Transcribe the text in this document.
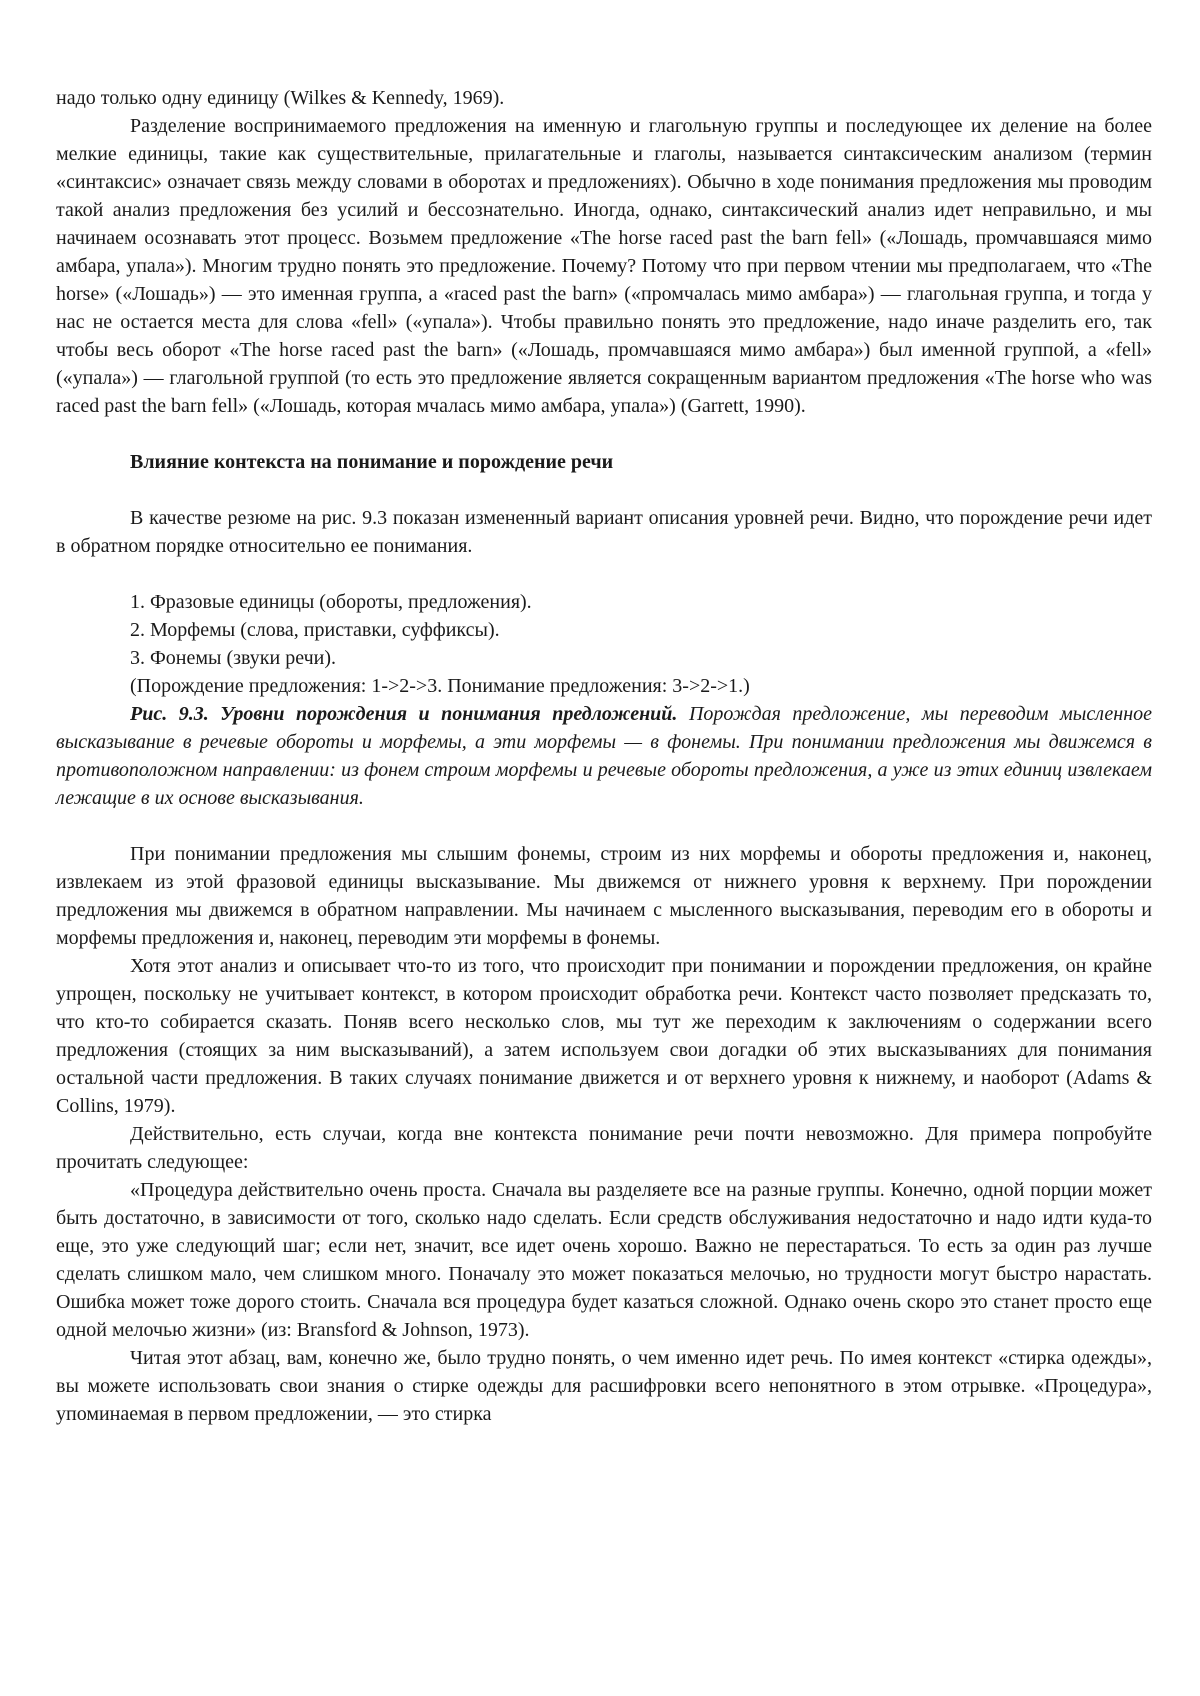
надо только одну единицу (Wilkes & Kennedy, 1969).

Разделение воспринимаемого предложения на именную и глагольную группы и последующее их деление на более мелкие единицы, такие как существительные, прилагательные и глаголы, называется синтаксическим анализом (термин «синтаксис» означает связь между словами в оборотах и предложениях). Обычно в ходе понимания предложения мы проводим такой анализ предложения без усилий и бессознательно. Иногда, однако, синтаксический анализ идет неправильно, и мы начинаем осознавать этот процесс. Возьмем предложение «The horse raced past the barn fell» («Лошадь, промчавшаяся мимо амбара, упала»). Многим трудно понять это предложение. Почему? Потому что при первом чтении мы предполагаем, что «The horse» («Лошадь») — это именная группа, а «raced past the barn» («промчалась мимо амбара») — глагольная группа, и тогда у нас не остается места для слова «fell» («упала»). Чтобы правильно понять это предложение, надо иначе разделить его, так чтобы весь оборот «The horse raced past the barn» («Лошадь, промчавшаяся мимо амбара») был именной группой, а «fell» («упала») — глагольной группой (то есть это предложение является сокращенным вариантом предложения «The horse who was raced past the barn fell» («Лошадь, которая мчалась мимо амбара, упала») (Garrett, 1990).

Влияние контекста на понимание и порождение речи

В качестве резюме на рис. 9.3 показан измененный вариант описания уровней речи. Видно, что порождение речи идет в обратном порядке относительно ее понимания.

1. Фразовые единицы (обороты, предложения).
2. Морфемы (слова, приставки, суффиксы).
3. Фонемы (звуки речи).

(Порождение предложения: 1->2->3. Понимание предложения: 3->2->1.)

Рис. 9.3. Уровни порождения и понимания предложений. Порождая предложение, мы переводим мысленное высказывание в речевые обороты и морфемы, а эти морфемы — в фонемы. При понимании предложения мы движемся в противоположном направлении: из фонем строим морфемы и речевые обороты предложения, а уже из этих единиц извлекаем лежащие в их основе высказывания.

При понимании предложения мы слышим фонемы, строим из них морфемы и обороты предложения и, наконец, извлекаем из этой фразовой единицы высказывание. Мы движемся от нижнего уровня к верхнему. При порождении предложения мы движемся в обратном направлении. Мы начинаем с мысленного высказывания, переводим его в обороты и морфемы предложения и, наконец, переводим эти морфемы в фонемы.

Хотя этот анализ и описывает что-то из того, что происходит при понимании и порождении предложения, он крайне упрощен, поскольку не учитывает контекст, в котором происходит обработка речи. Контекст часто позволяет предсказать то, что кто-то собирается сказать. Поняв всего несколько слов, мы тут же переходим к заключениям о содержании всего предложения (стоящих за ним высказываний), а затем используем свои догадки об этих высказываниях для понимания остальной части предложения. В таких случаях понимание движется и от верхнего уровня к нижнему, и наоборот (Adams & Collins, 1979).

Действительно, есть случаи, когда вне контекста понимание речи почти невозможно. Для примера попробуйте прочитать следующее:

«Процедура действительно очень проста. Сначала вы разделяете все на разные группы. Конечно, одной порции может быть достаточно, в зависимости от того, сколько надо сделать. Если средств обслуживания недостаточно и надо идти куда-то еще, это уже следующий шаг; если нет, значит, все идет очень хорошо. Важно не перестараться. То есть за один раз лучше сделать слишком мало, чем слишком много. Поначалу это может показаться мелочью, но трудности могут быстро нарастать. Ошибка может тоже дорого стоить. Сначала вся процедура будет казаться сложной. Однако очень скоро это станет просто еще одной мелочью жизни» (из: Bransford & Johnson, 1973).

Читая этот абзац, вам, конечно же, было трудно понять, о чем именно идет речь. По имея контекст «стирка одежды», вы можете использовать свои знания о стирке одежды для расшифровки всего непонятного в этом отрывке. «Процедура», упоминаемая в первом предложении, — это стирка
